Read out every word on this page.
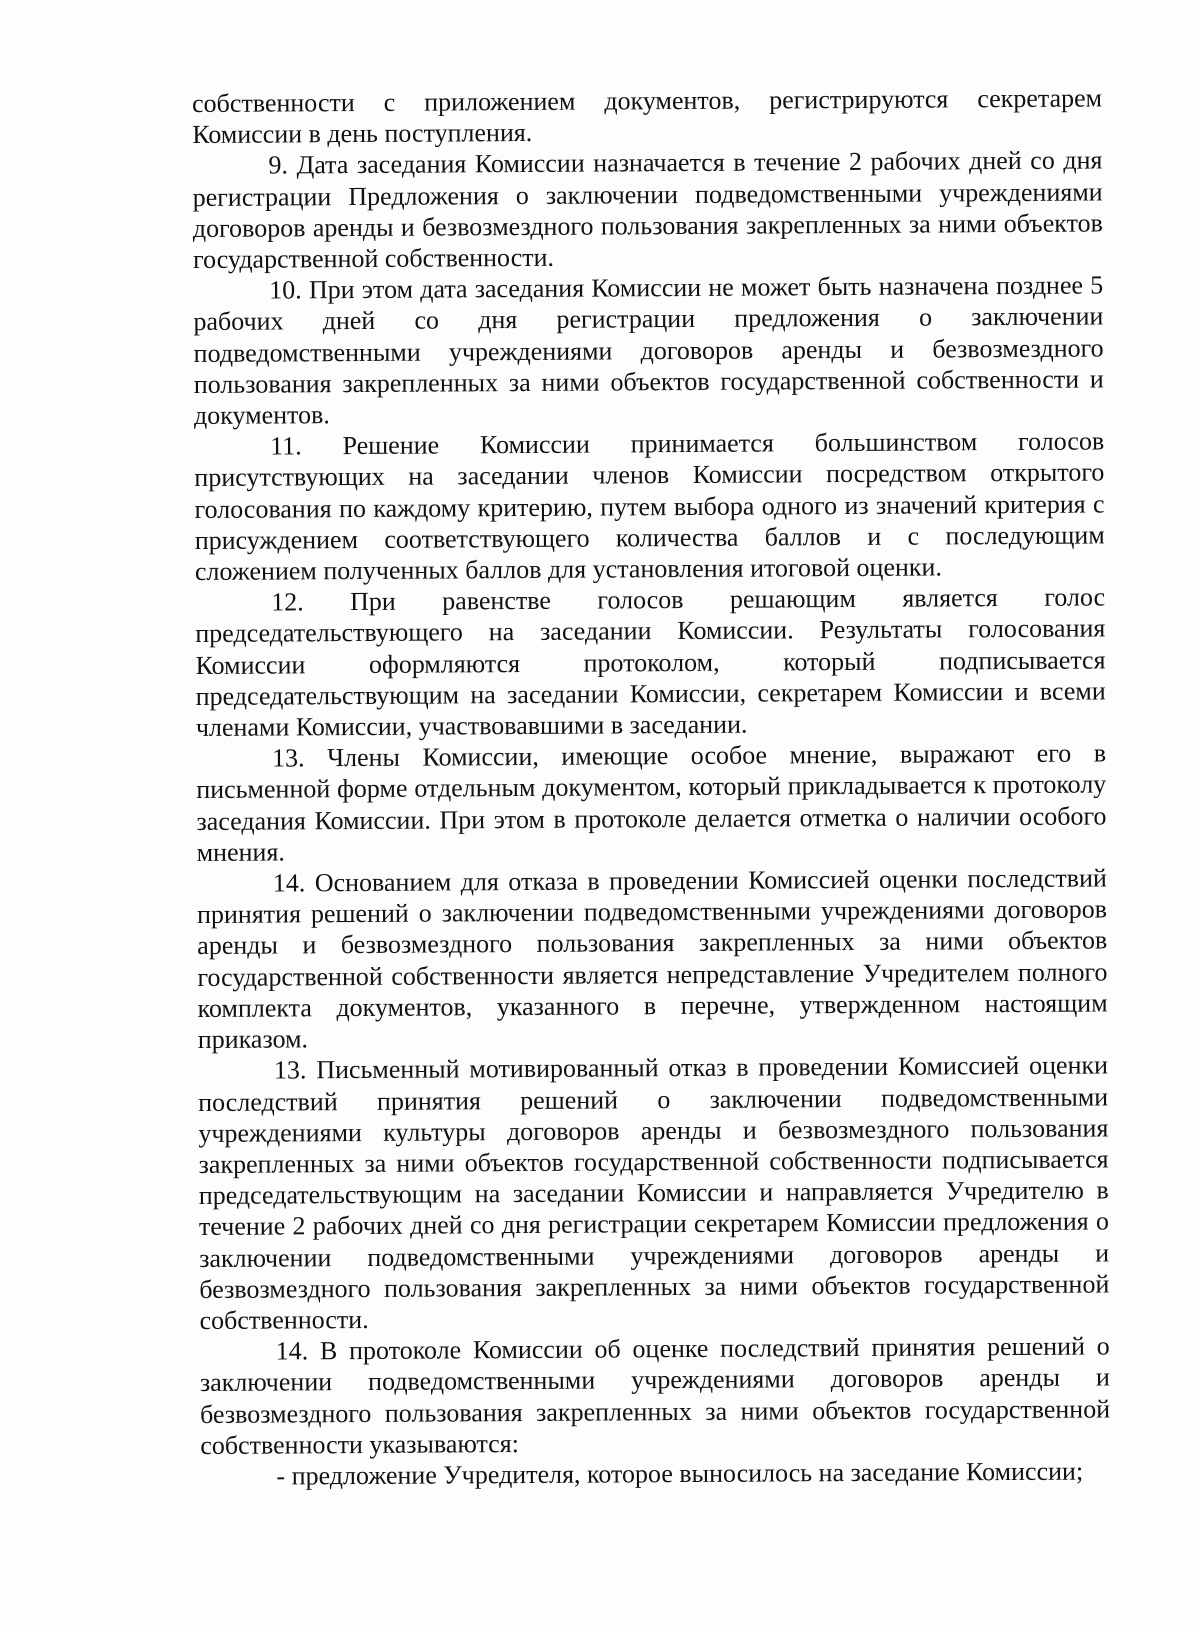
собственности с приложением документов, регистрируются секретарем Комиссии в день поступления.

9. Дата заседания Комиссии назначается в течение 2 рабочих дней со дня регистрации Предложения о заключении подведомственными учреждениями договоров аренды и безвозмездного пользования закрепленных за ними объектов государственной собственности.

10. При этом дата заседания Комиссии не может быть назначена позднее 5 рабочих дней со дня регистрации предложения о заключении подведомственными учреждениями договоров аренды и безвозмездного пользования закрепленных за ними объектов государственной собственности и документов.

11. Решение Комиссии принимается большинством голосов присутствующих на заседании членов Комиссии посредством открытого голосования по каждому критерию, путем выбора одного из значений критерия с присуждением соответствующего количества баллов и с последующим сложением полученных баллов для установления итоговой оценки.

12. При равенстве голосов решающим является голос председательствующего на заседании Комиссии. Результаты голосования Комиссии оформляются протоколом, который подписывается председательствующим на заседании Комиссии, секретарем Комиссии и всеми членами Комиссии, участвовавшими в заседании.

13. Члены Комиссии, имеющие особое мнение, выражают его в письменной форме отдельным документом, который прикладывается к протоколу заседания Комиссии. При этом в протоколе делается отметка о наличии особого мнения.

14. Основанием для отказа в проведении Комиссией оценки последствий принятия решений о заключении подведомственными учреждениями договоров аренды и безвозмездного пользования закрепленных за ними объектов государственной собственности является непредставление Учредителем полного комплекта документов, указанного в перечне, утвержденном настоящим приказом.

13. Письменный мотивированный отказ в проведении Комиссией оценки последствий принятия решений о заключении подведомственными учреждениями культуры договоров аренды и безвозмездного пользования закрепленных за ними объектов государственной собственности подписывается председательствующим на заседании Комиссии и направляется Учредителю в течение 2 рабочих дней со дня регистрации секретарем Комиссии предложения о заключении подведомственными учреждениями договоров аренды и безвозмездного пользования закрепленных за ними объектов государственной собственности.

14. В протоколе Комиссии об оценке последствий принятия решений о заключении подведомственными учреждениями договоров аренды и безвозмездного пользования закрепленных за ними объектов государственной собственности указываются:

- предложение Учредителя, которое выносилось на заседание Комиссии;
